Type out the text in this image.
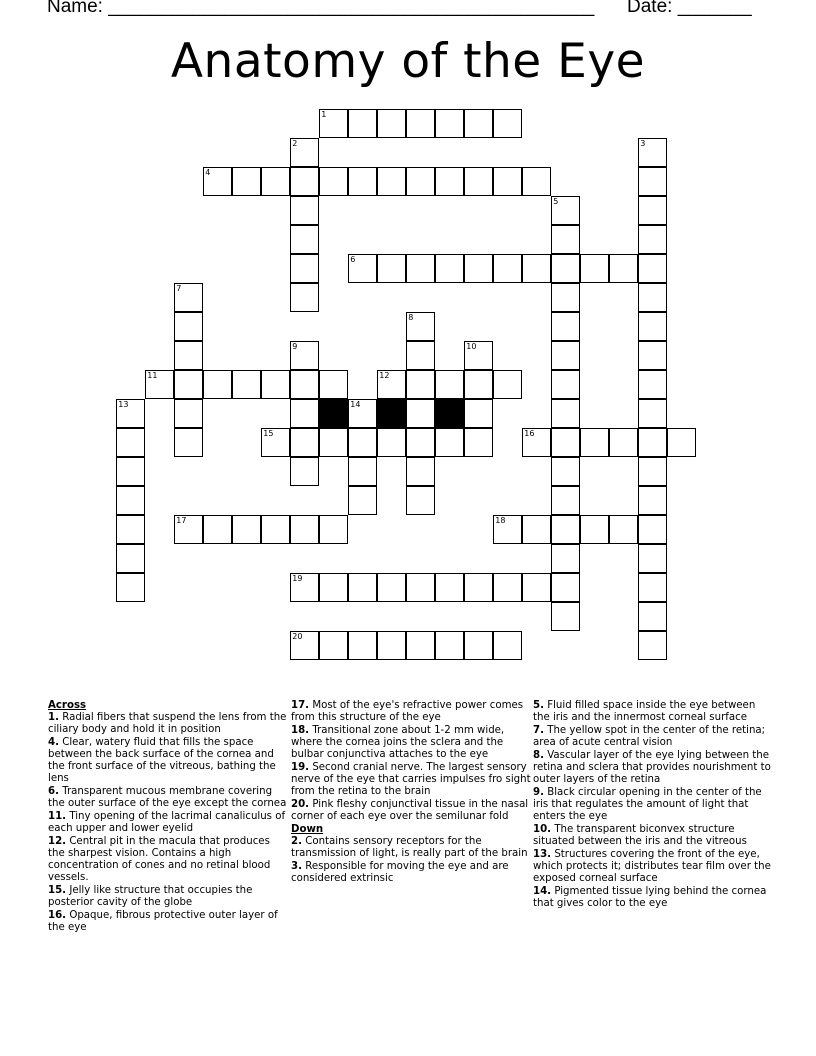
Name: ______________________________________________ Date: _______
Anatomy of the Eye
1
4
6
11	12
15	16
17	18
19
20
2	3
5
7
8
9	10
13	14

Across

1. Radial fibers that suspend the lens from the ciliary body and hold it in position
4. Clear, watery fluid that fills the space between the back surface of the cornea and the front surface of the vitreous, bathing the lens
6. Transparent mucous membrane covering the outer surface of the eye except the cornea
11. Tiny opening of the lacrimal canaliculus of each upper and lower eyelid
12. Central pit in the macula that produces the sharpest vision. Contains a high concentration of cones and no retinal blood vessels.
15. Jelly like structure that occupies the posterior cavity of the globe
16. Opaque, fibrous protective outer layer of the eye
17. Most of the eye's refractive power comes from this structure of the eye
18. Transitional zone about 1-2 mm wide, where the cornea joins the sclera and the bulbar conjunctiva attaches to the eye
19. Second cranial nerve. The largest sensory nerve of the eye that carries impulses fro sight from the retina to the brain
20. Pink fleshy conjunctival tissue in the nasal corner of each eye over the semilunar fold

Down

2. Contains sensory receptors for the transmission of light, is really part of the brain
3. Responsible for moving the eye and are considered extrinsic
5. Fluid filled space inside the eye between the iris and the innermost corneal surface
7. The yellow spot in the center of the retina; area of acute central vision
8. Vascular layer of the eye lying between the retina and sclera that provides nourishment to outer layers of the retina
9. Black circular opening in the center of the iris that regulates the amount of light that enters the eye
10. The transparent biconvex structure situated between the iris and the vitreous
13. Structures covering the front of the eye, which protects it; distributes tear film over the exposed corneal surface
14. Pigmented tissue lying behind the cornea that gives color to the eye
